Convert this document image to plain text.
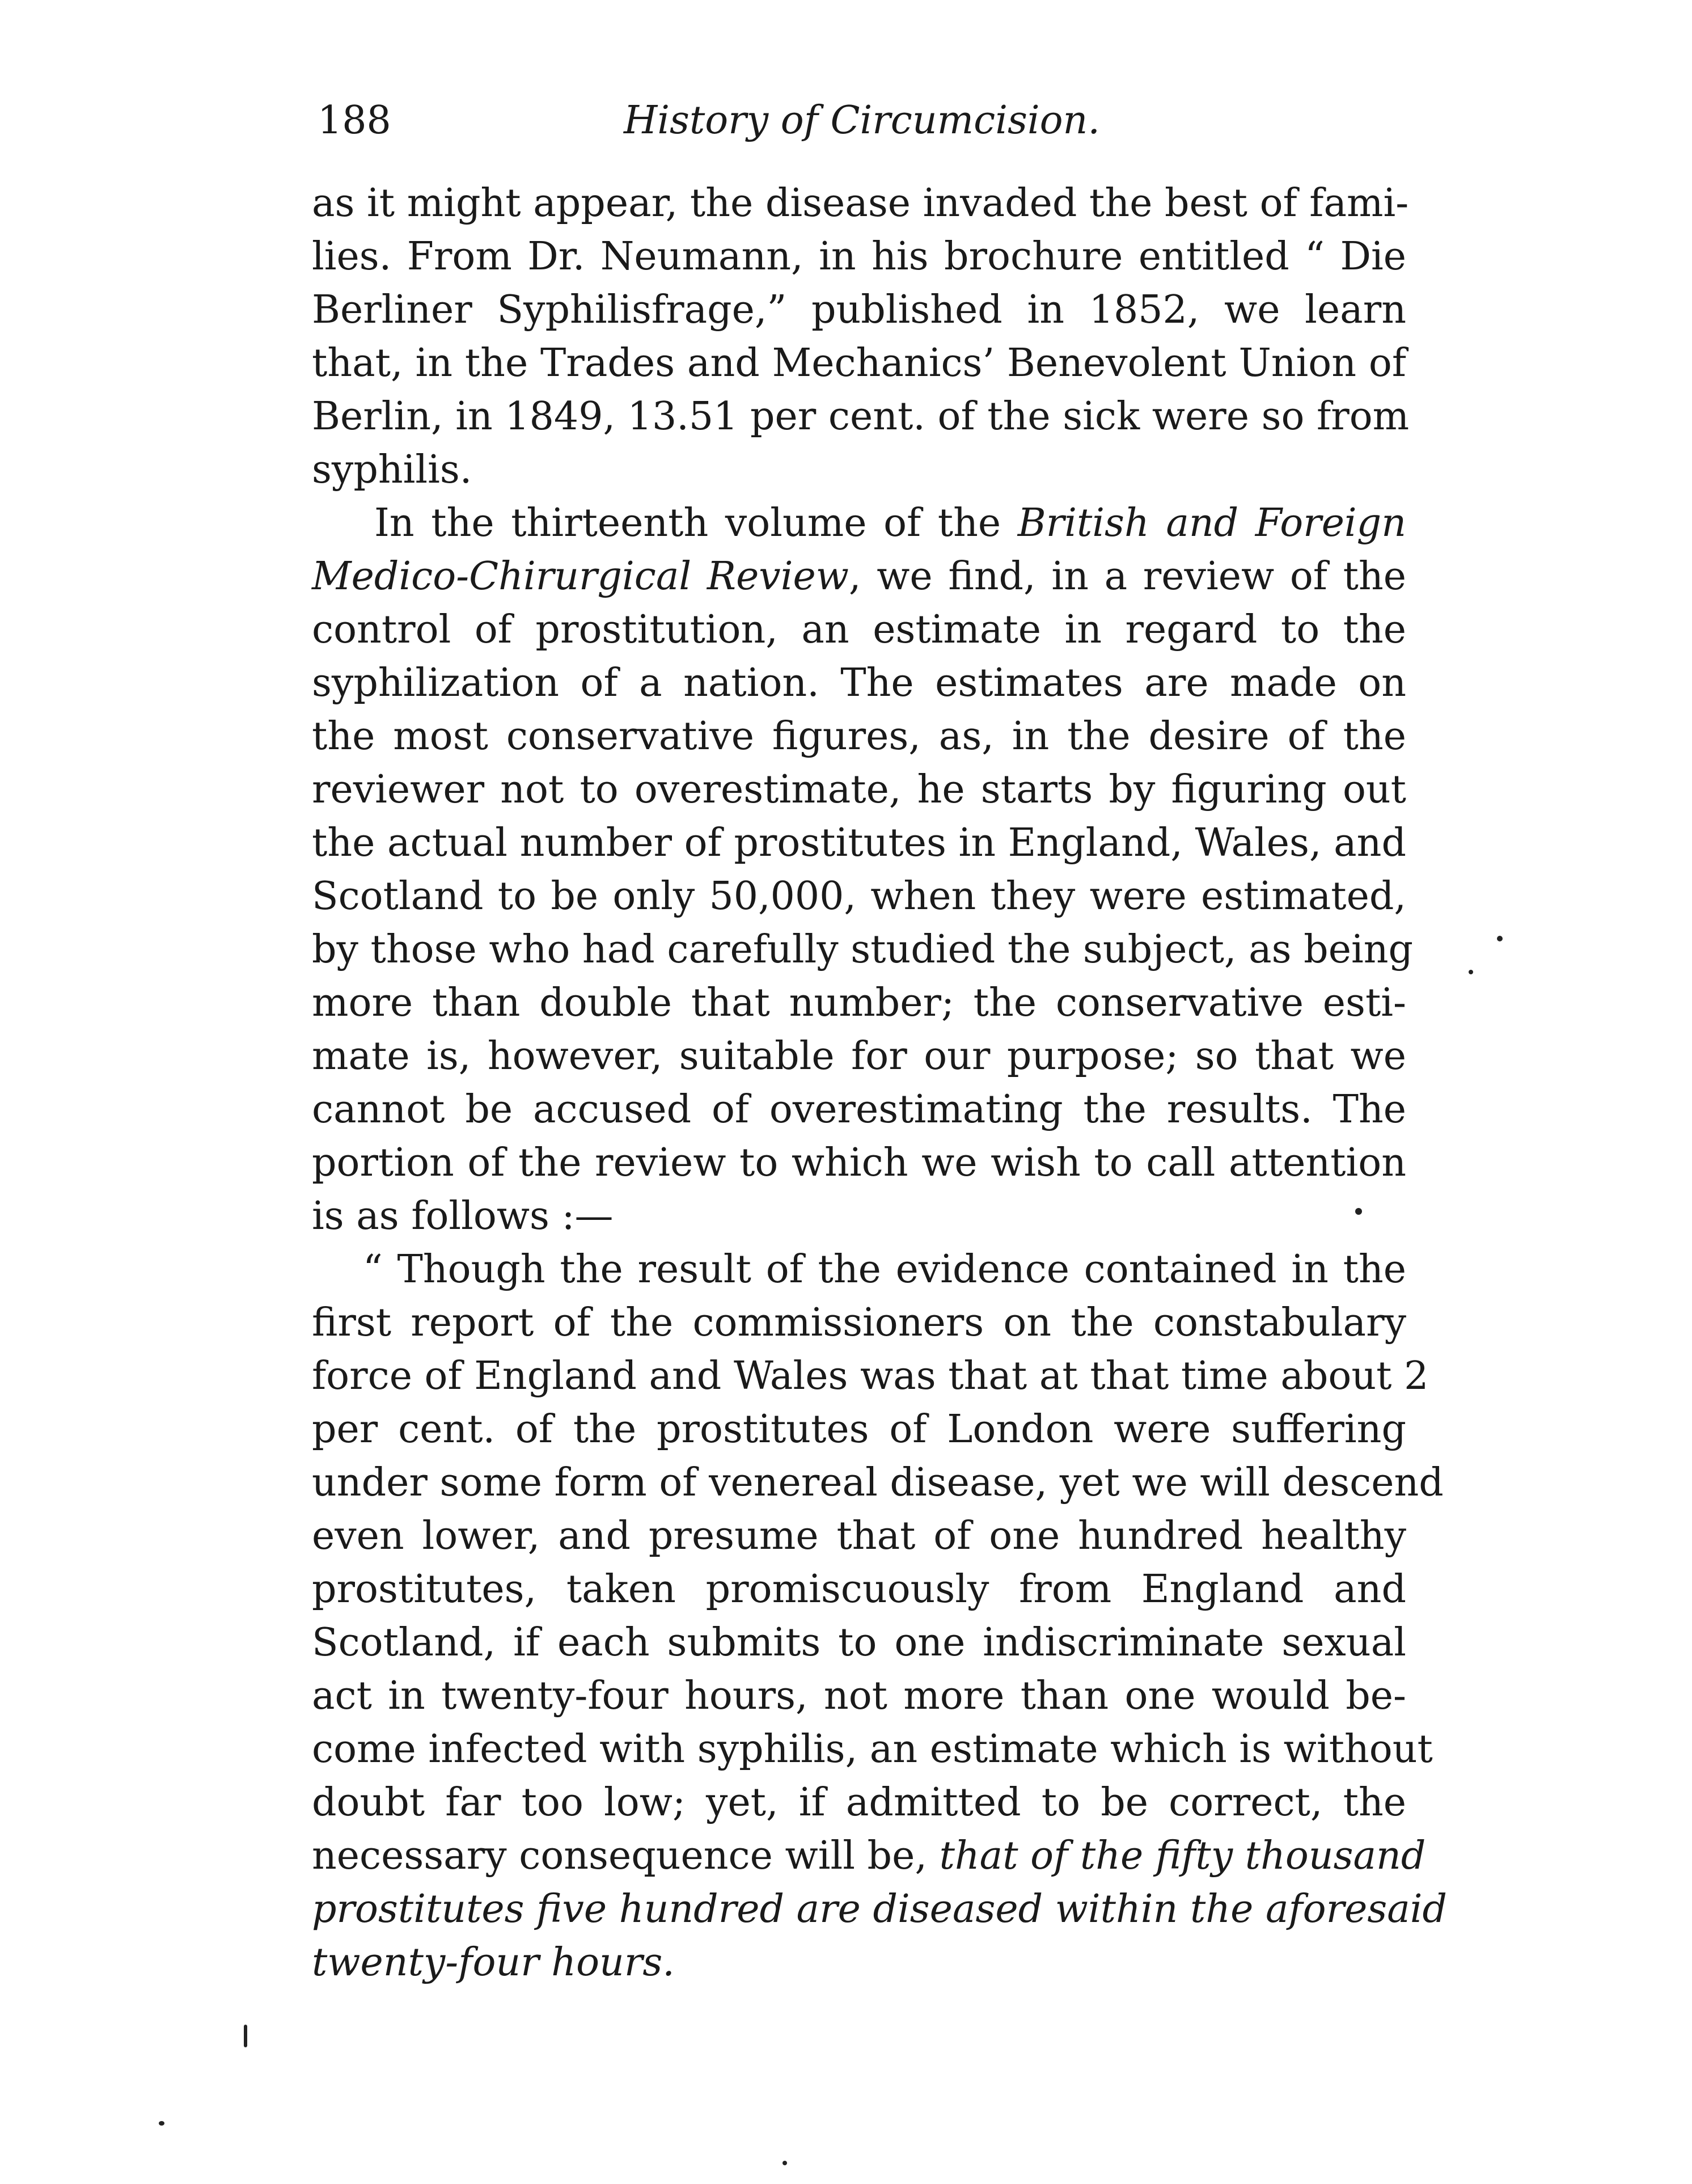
188	History of Circumcision.
as it might appear, the disease invaded the best of fami-
lies. From Dr. Neumann, in his brochure entitled “ Die
Berliner Syphilisfrage,” published in 1852, we learn
that, in the Trades and Mechanics’ Benevolent Union of
Berlin, in 1849, 13.51 per cent. of the sick were so from
syphilis.
In the thirteenth volume of the British and Foreign
Medico-Chirurgical Review, we find, in a review of the
control of prostitution, an estimate in regard to the
syphilization of a nation. The estimates are made on
the most conservative figures, as, in the desire of the
reviewer not to overestimate, he starts by figuring out
the actual number of prostitutes in England, Wales, and
Scotland to be only 50,000, when they were estimated,
by those who had carefully studied the subject, as being
more than double that number; the conservative esti-
mate is, however, suitable for our purpose; so that we
cannot be accused of overestimating the results. The
portion of the review to which we wish to call attention
is as follows :—
“ Though the result of the evidence contained in the
first report of the commissioners on the constabulary
force of England and Wales was that at that time about 2
per cent. of the prostitutes of London were suffering
under some form of venereal disease, yet we will descend
even lower, and presume that of one hundred healthy
prostitutes, taken promiscuously from England and
Scotland, if each submits to one indiscriminate sexual
act in twenty-four hours, not more than one would be-
come infected with syphilis, an estimate which is without
doubt far too low; yet, if admitted to be correct, the
necessary consequence will be, that of the fifty thousand
prostitutes five hundred are diseased within the aforesaid
twenty-four hours.
